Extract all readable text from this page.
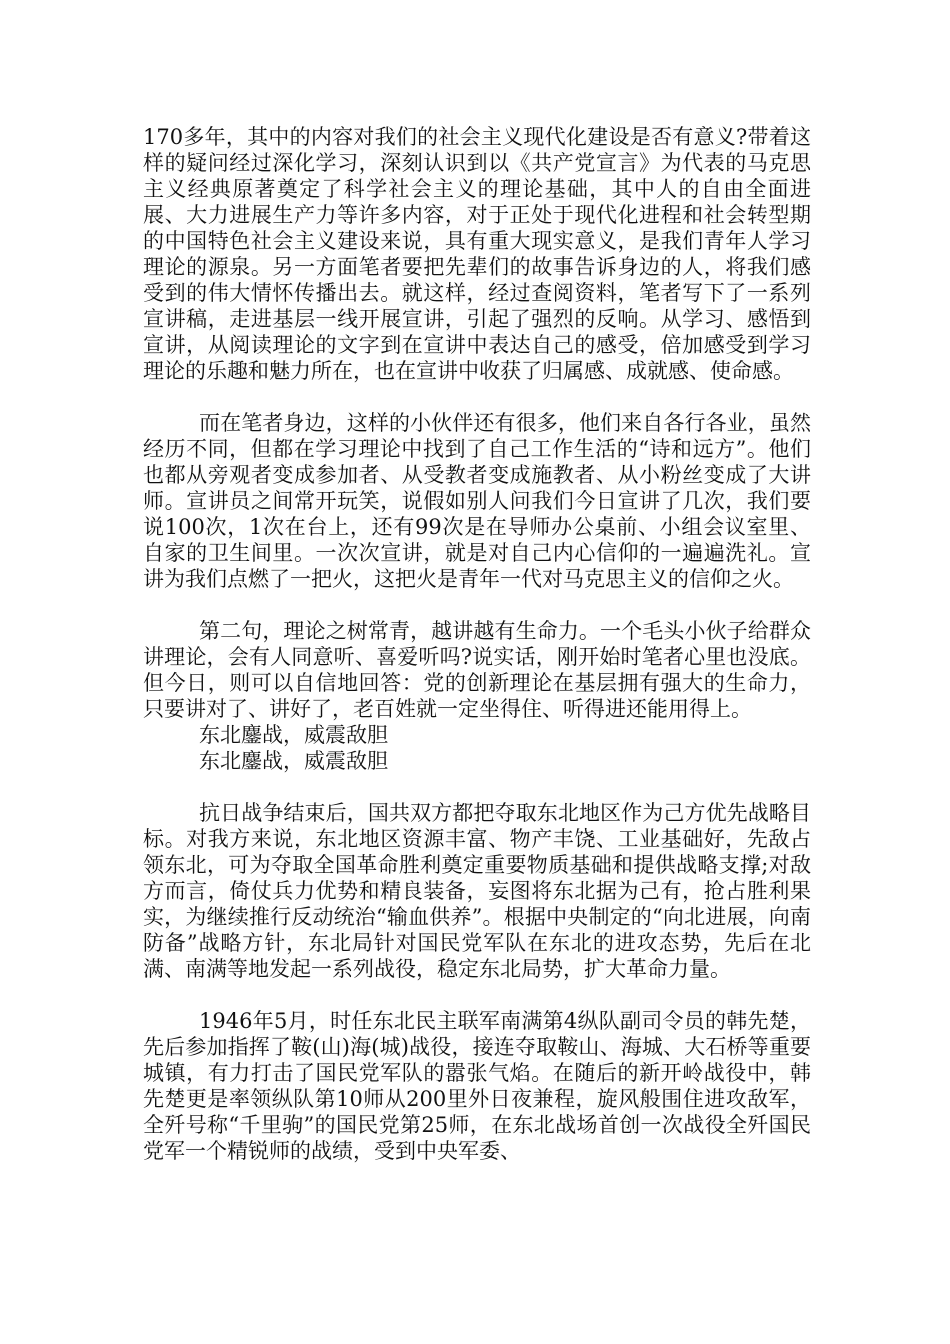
170多年，其中的内容对我们的社会主义现代化建设是否有意义?带着这样的疑问经过深化学习，深刻认识到以《共产党宣言》为代表的马克思主义经典原著奠定了科学社会主义的理论基础，其中人的自由全面进展、大力进展生产力等许多内容，对于正处于现代化进程和社会转型期的中国特色社会主义建设来说，具有重大现实意义，是我们青年人学习理论的源泉。另一方面笔者要把先辈们的故事告诉身边的人，将我们感受到的伟大情怀传播出去。就这样，经过查阅资料，笔者写下了一系列宣讲稿，走进基层一线开展宣讲，引起了强烈的反响。从学习、感悟到宣讲，从阅读理论的文字到在宣讲中表达自己的感受，倍加感受到学习理论的乐趣和魅力所在，也在宣讲中收获了归属感、成就感、使命感。

而在笔者身边，这样的小伙伴还有很多，他们来自各行各业，虽然经历不同，但都在学习理论中找到了自己工作生活的“诗和远方”。他们也都从旁观者变成参加者、从受教者变成施教者、从小粉丝变成了大讲师。宣讲员之间常开玩笑，说假如别人问我们今日宣讲了几次，我们要说100次，1次在台上，还有99次是在导师办公桌前、小组会议室里、自家的卫生间里。一次次宣讲，就是对自己内心信仰的一遍遍洗礼。宣讲为我们点燃了一把火，这把火是青年一代对马克思主义的信仰之火。

第二句，理论之树常青，越讲越有生命力。一个毛头小伙子给群众讲理论，会有人同意听、喜爱听吗?说实话，刚开始时笔者心里也没底。但今日，则可以自信地回答：党的创新理论在基层拥有强大的生命力，只要讲对了、讲好了，老百姓就一定坐得住、听得进还能用得上。

东北鏖战，威震敌胆
东北鏖战，威震敌胆

抗日战争结束后，国共双方都把夺取东北地区作为己方优先战略目标。对我方来说，东北地区资源丰富、物产丰饶、工业基础好，先敌占领东北，可为夺取全国革命胜利奠定重要物质基础和提供战略支撑;对敌方而言，倚仗兵力优势和精良装备，妄图将东北据为己有，抢占胜利果实，为继续推行反动统治“输血供养”。根据中央制定的“向北进展，向南防备”战略方针，东北局针对国民党军队在东北的进攻态势，先后在北满、南满等地发起一系列战役，稳定东北局势，扩大革命力量。

1946年5月，时任东北民主联军南满第4纵队副司令员的韩先楚，先后参加指挥了鞍(山)海(城)战役，接连夺取鞍山、海城、大石桥等重要城镇，有力打击了国民党军队的嚣张气焰。在随后的新开岭战役中，韩先楚更是率领纵队第10师从200里外日夜兼程，旋风般围住进攻敌军，全歼号称“千里驹”的国民党第25师，在东北战场首创一次战役全歼国民党军一个精锐师的战绩，受到中央军委、
